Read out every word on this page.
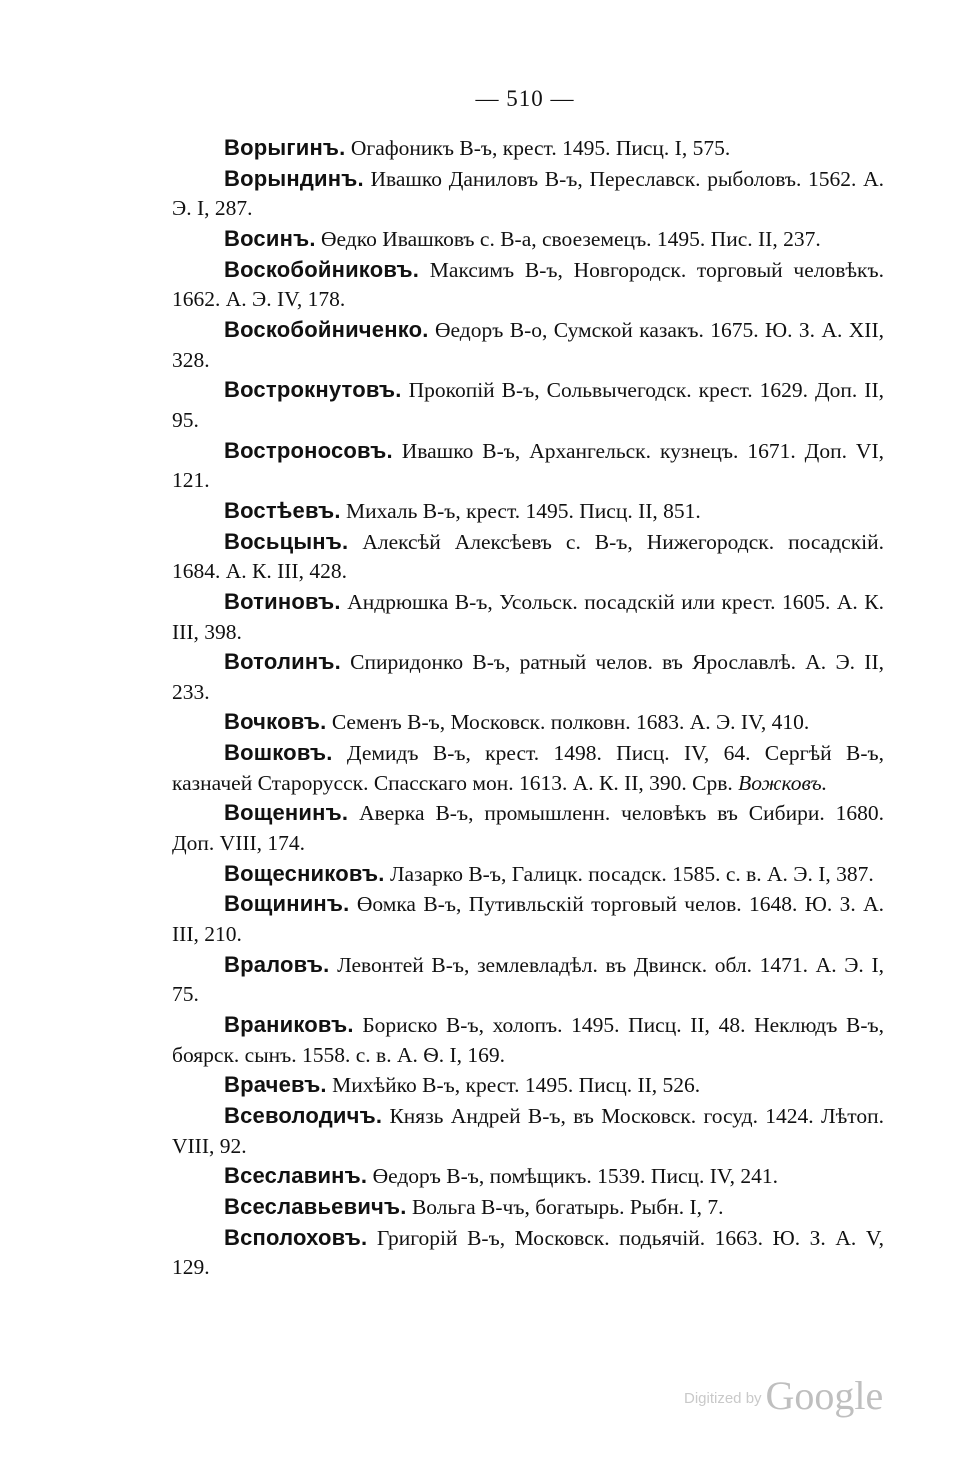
— 510 —

Ворыгинъ. Огафоникъ В-ъ, крест. 1495. Писц. I, 575.

Ворындинъ. Ивашко Даниловъ В-ъ, Переславск. рыболовъ. 1562. А. Э. I, 287.

Восинъ. Өедко Ивашковъ с. В-а, своеземецъ. 1495. Пис. II, 237.

Воскобойниковъ. Максимъ В-ъ, Новгородск. торговый человѣкъ. 1662. А. Э. IV, 178.

Воскобойниченко. Өедоръ В-о, Сумской казакъ. 1675. Ю. З. А. XII, 328.

Вострокнутовъ. Прокопій В-ъ, Сольвычегодск. крест. 1629. Доп. II, 95.

Востроносовъ. Ивашко В-ъ, Архангельск. кузнецъ. 1671. Доп. VI, 121.

Востѣевъ. Михаль В-ъ, крест. 1495. Писц. II, 851.

Восьцынъ. Алексѣй Алексѣевъ с. В-ъ, Нижегородск. посадскій. 1684. А. К. III, 428.

Вотиновъ. Андрюшка В-ъ, Усольск. посадскій или крест. 1605. А. К. III, 398.

Вотолинъ. Спиридонко В-ъ, ратный челов. въ Ярославлѣ. А. Э. II, 233.

Вочковъ. Семенъ В-ъ, Московск. полковн. 1683. А. Э. IV, 410.

Вошковъ. Демидъ В-ъ, крест. 1498. Писц. IV, 64. Сергѣй В-ъ, казначей Старорусск. Спасскаго мон. 1613. А. К. II, 390. Срв. Вожковъ.

Вощенинъ. Аверка В-ъ, промышленн. человѣкъ въ Сибири. 1680. Доп. VIII, 174.

Вощесниковъ. Лазарко В-ъ, Галицк. посадск. 1585. с. в. А. Э. I, 387.

Вощининъ. Өомка В-ъ, Путивльскій торговый челов. 1648. Ю. З. А. III, 210.

Враловъ. Левонтей В-ъ, землевладѣл. въ Двинск. обл. 1471. А. Э. I, 75.

Враниковъ. Бориско В-ъ, холопъ. 1495. Писц. II, 48. Неклюдъ В-ъ, боярск. сынъ. 1558. с. в. А. Ѳ. I, 169.

Врачевъ. Михѣйко В-ъ, крест. 1495. Писц. II, 526.

Всеволодичъ. Князь Андрей В-ъ, въ Московск. госуд. 1424. Лѣтоп. VIII, 92.

Всеславинъ. Өедоръ В-ъ, помѣщикъ. 1539. Писц. IV, 241.

Всеславьевичъ. Вольга В-чъ, богатырь. Рыбн. I, 7.

Всполоховъ. Григорій В-ъ, Московск. подьячій. 1663. Ю. З. А. V, 129.

Digitized by Google
